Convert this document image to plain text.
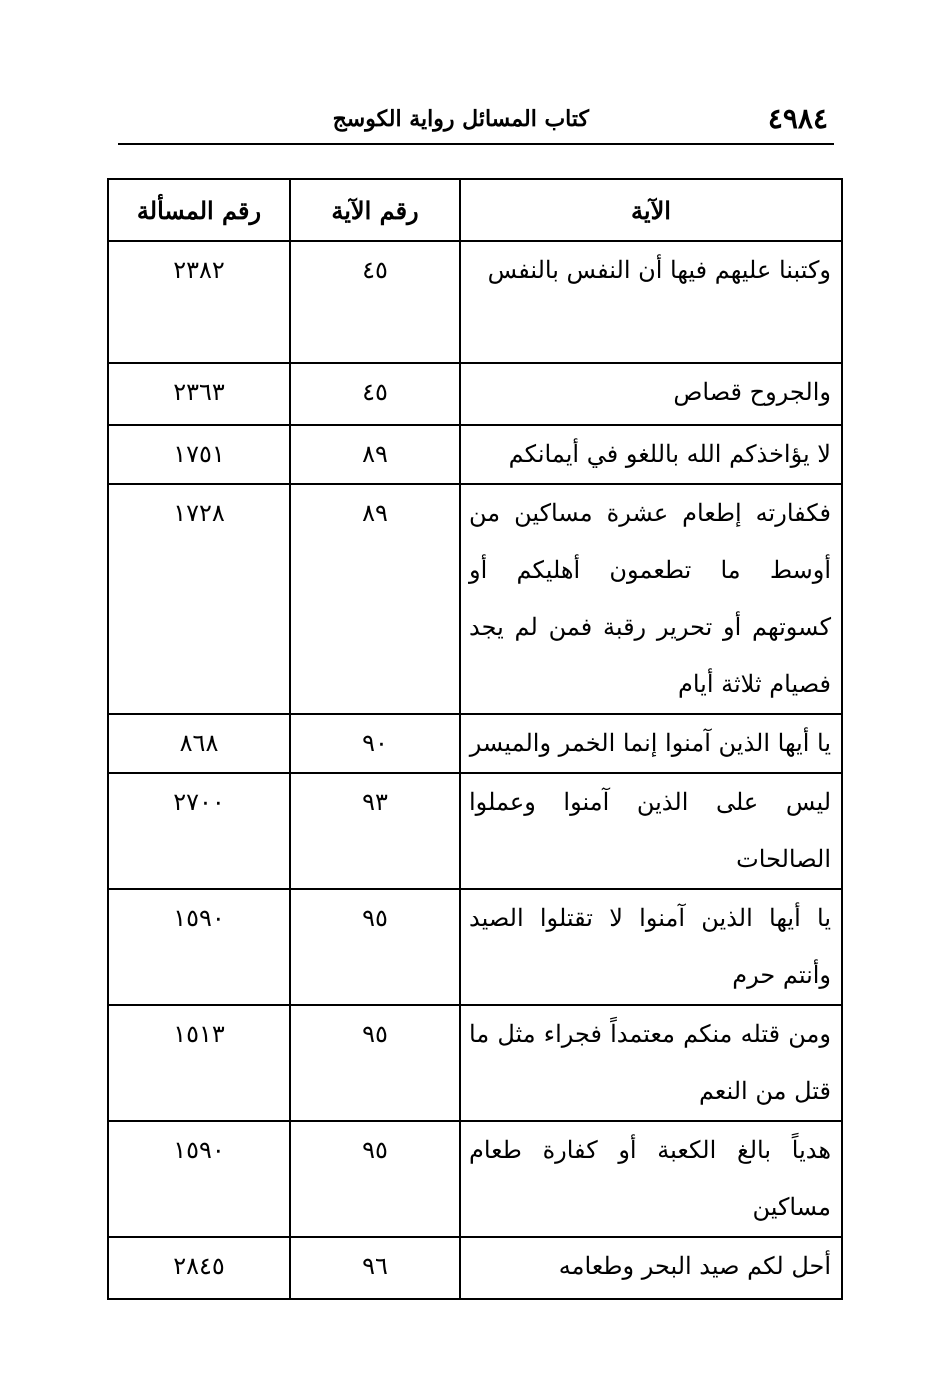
٤٩٨٤
كتاب المسائل رواية الكوسج
الآية	رقم الآية	رقم المسألة
وكتبنا عليهم فيها أن النفس بالنفس	٤٥	٢٣٨٢
والجروح قصاص	٤٥	٢٣٦٣
لا يؤاخذكم الله باللغو في أيمانكم	٨٩	١٧٥١
فكفارته إطعام عشرة مساكين من أوسط ما تطعمون أهليكم أو كسوتهم أو تحرير رقبة فمن لم يجد فصيام ثلاثة أيام	٨٩	١٧٢٨
يا أيها الذين آمنوا إنما الخمر والميسر	٩٠	٨٦٨
ليس على الذين آمنوا وعملوا الصالحات	٩٣	٢٧٠٠
يا أيها الذين آمنوا لا تقتلوا الصيد وأنتم حرم	٩٥	١٥٩٠
ومن قتله منكم معتمداً فجراء مثل ما قتل من النعم	٩٥	١٥١٣
هدياً بالغ الكعبة أو كفارة طعام مساكين	٩٥	١٥٩٠
أحل لكم صيد البحر وطعامه	٩٦	٢٨٤٥
